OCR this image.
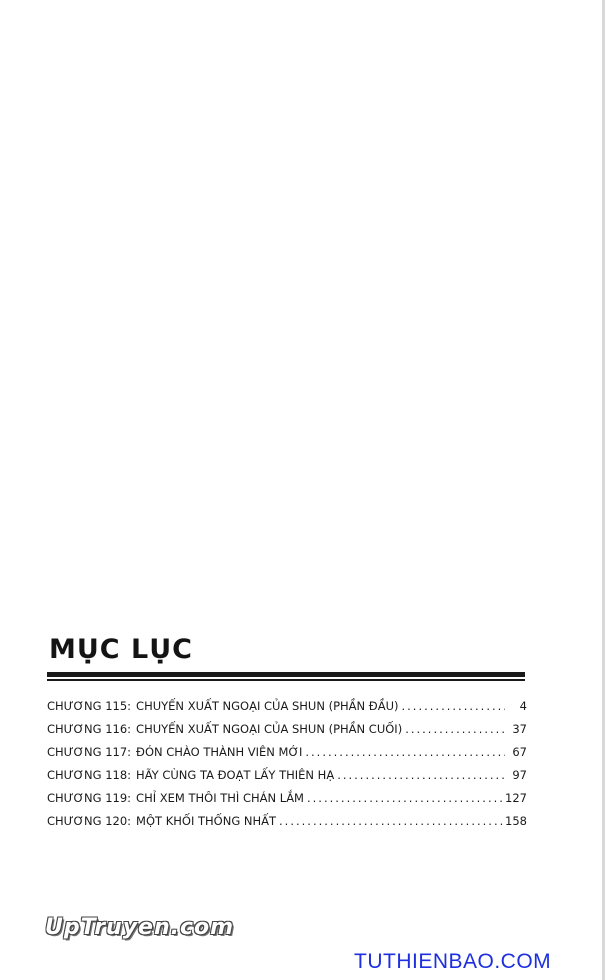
MỤC LỤC
CHƯƠNG 115: CHUYẾN XUẤT NGOẠI CỦA SHUN (PHẦN ĐẦU) .....	4
CHƯƠNG 116: CHUYẾN XUẤT NGOẠI CỦA SHUN (PHẦN CUỐI) .....	37
CHƯƠNG 117: ĐÓN CHÀO THÀNH VIÊN MỚI .....	67
CHƯƠNG 118: HÃY CÙNG TA ĐOẠT LẤY THIÊN HẠ .....	97
CHƯƠNG 119: CHỈ XEM THÔI THÌ CHÁN LẮM .....	127
CHƯƠNG 120: MỘT KHỐI THỐNG NHẤT .....	158
UpTruyen.com
TUTHIENBAO.COM
